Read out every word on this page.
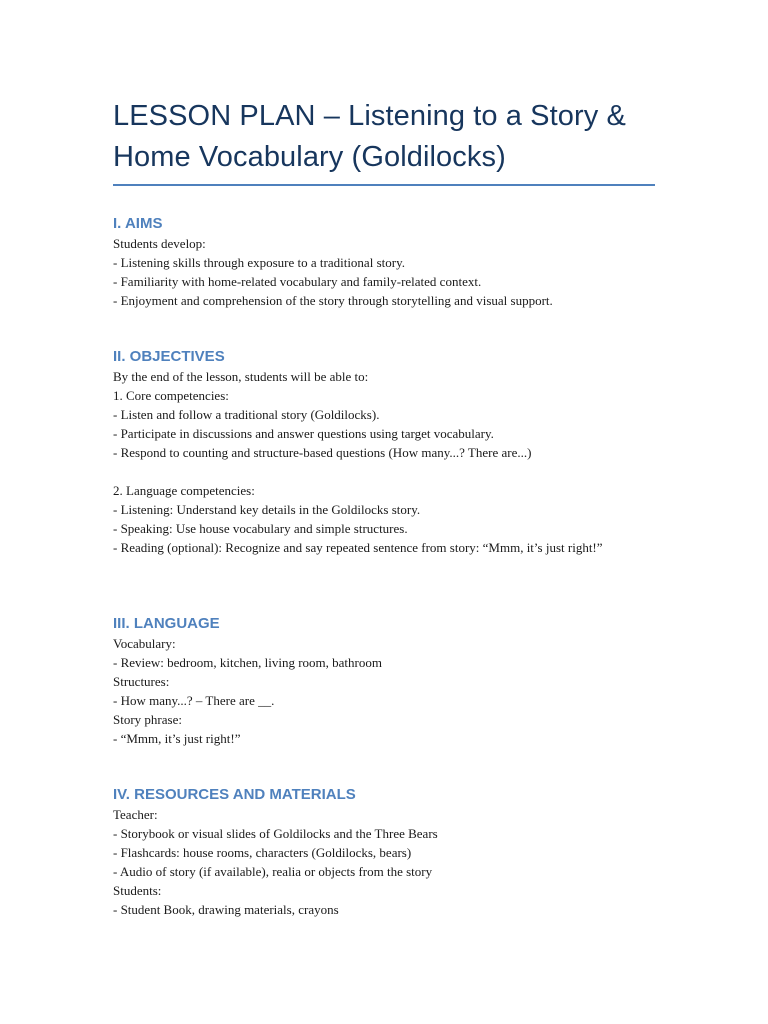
LESSON PLAN – Listening to a Story & Home Vocabulary (Goldilocks)
I. AIMS
Students develop:
- Listening skills through exposure to a traditional story.
- Familiarity with home-related vocabulary and family-related context.
- Enjoyment and comprehension of the story through storytelling and visual support.
II. OBJECTIVES
By the end of the lesson, students will be able to:
1. Core competencies:
- Listen and follow a traditional story (Goldilocks).
- Participate in discussions and answer questions using target vocabulary.
- Respond to counting and structure-based questions (How many...? There are...)
2. Language competencies:
- Listening: Understand key details in the Goldilocks story.
- Speaking: Use house vocabulary and simple structures.
- Reading (optional): Recognize and say repeated sentence from story: “Mmm, it’s just right!”
III. LANGUAGE
Vocabulary:
- Review: bedroom, kitchen, living room, bathroom
Structures:
- How many...? – There are __.
Story phrase:
- “Mmm, it’s just right!”
IV. RESOURCES AND MATERIALS
Teacher:
- Storybook or visual slides of Goldilocks and the Three Bears
- Flashcards: house rooms, characters (Goldilocks, bears)
- Audio of story (if available), realia or objects from the story
Students:
- Student Book, drawing materials, crayons
